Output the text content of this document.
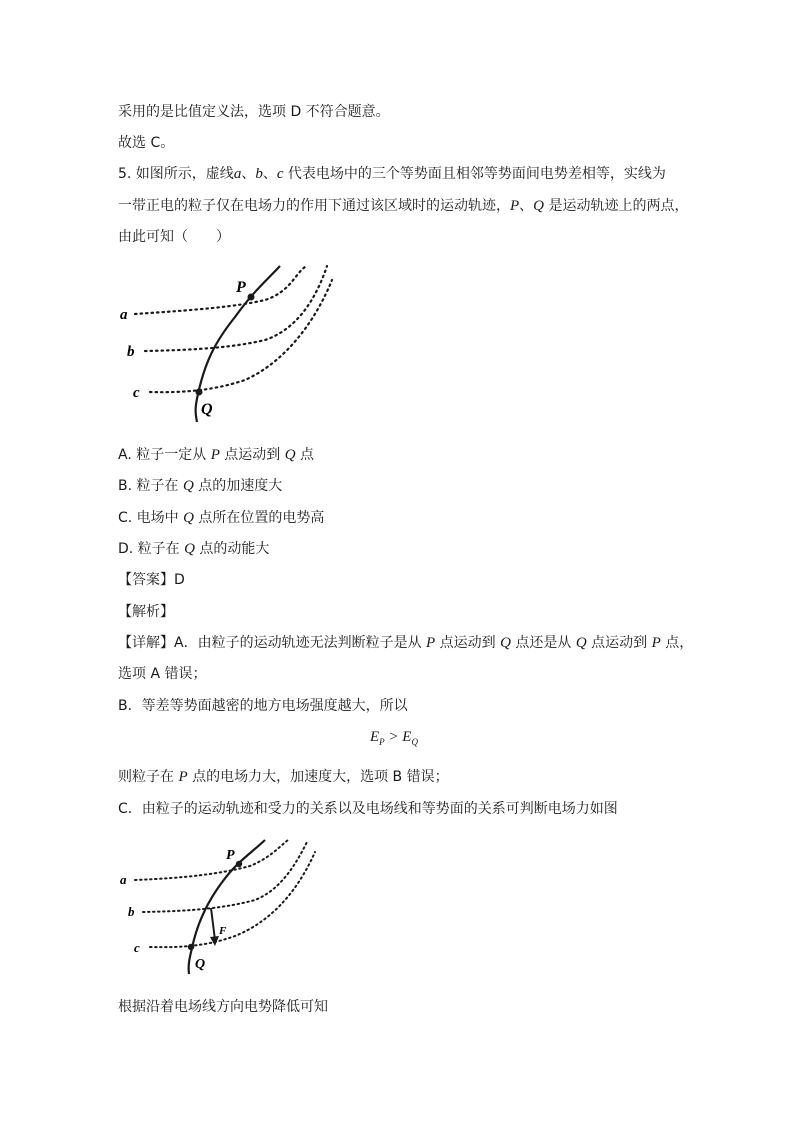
采用的是比值定义法，选项 D 不符合题意。
故选 C。
5. 如图所示，虚线a、b、c 代表电场中的三个等势面且相邻等势面间电势差相等，实线为
一带正电的粒子仅在电场力的作用下通过该区域时的运动轨迹，P、Q 是运动轨迹上的两点，
由此可知（　　）
a
b
c
P
Q
A. 粒子一定从 P 点运动到 Q 点
B. 粒子在 Q 点的加速度大
C. 电场中 Q 点所在位置的电势高
D. 粒子在 Q 点的动能大
【答案】D
【解析】
【详解】A．由粒子的运动轨迹无法判断粒子是从 P 点运动到 Q 点还是从 Q 点运动到 P 点，
选项 A 错误；
B．等差等势面越密的地方电场强度越大，所以
$E_P > E_Q$
则粒子在 P 点的电场力大，加速度大，选项 B 错误；
C．由粒子的运动轨迹和受力的关系以及电场线和等势面的关系可判断电场力如图
a
b
c
P
Q
F
根据沿着电场线方向电势降低可知
